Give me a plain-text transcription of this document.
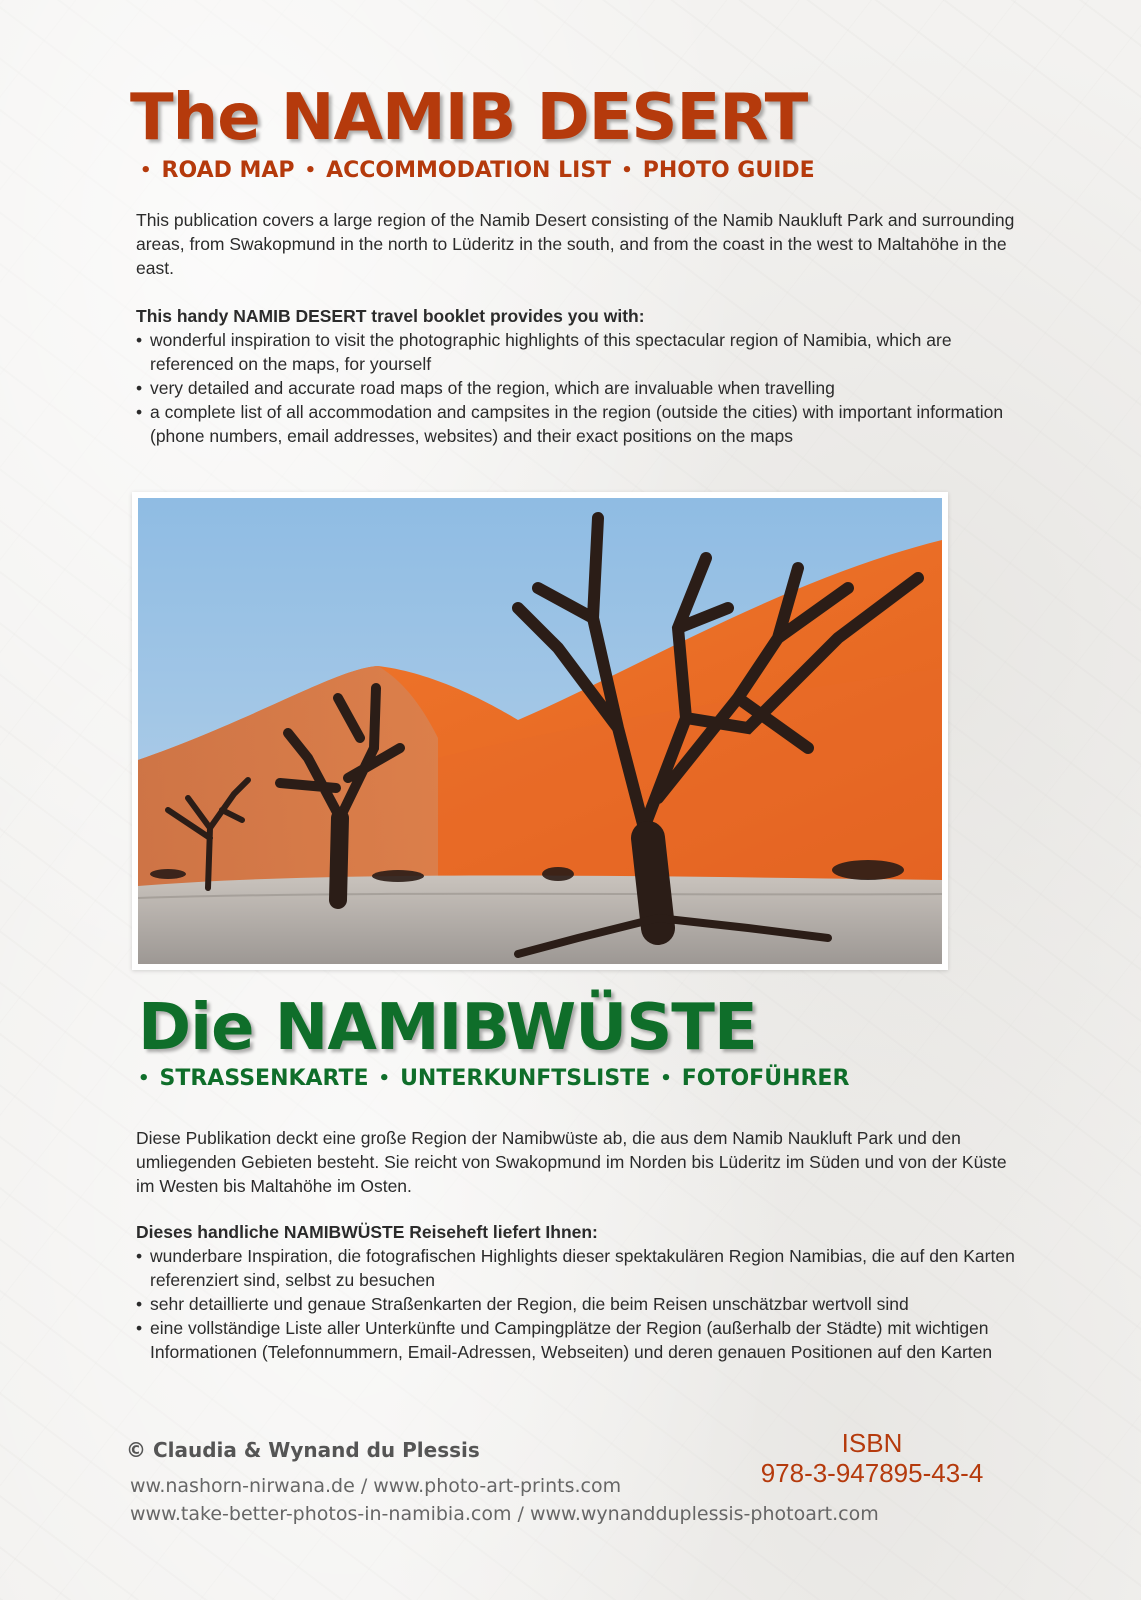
The NAMIB DESERT
• ROAD MAP • ACCOMMODATION LIST • PHOTO GUIDE

This publication covers a large region of the Namib Desert consisting of the Namib Naukluft Park and surrounding areas, from Swakopmund in the north to Lüderitz in the south, and from the coast in the west to Maltahöhe in the east.

This handy NAMIB DESERT travel booklet provides you with:

• wonderful inspiration to visit the photographic highlights of this spectacular region of Namibia, which are referenced on the maps, for yourself
• very detailed and accurate road maps of the region, which are invaluable when travelling
• a complete list of all accommodation and campsites in the region (outside the cities) with important information (phone numbers, email addresses, websites) and their exact positions on the maps
Die NAMIBWÜSTE
• STRASSENKARTE • UNTERKUNFTSLISTE • FOTOFÜHRER

Diese Publikation deckt eine große Region der Namibwüste ab, die aus dem Namib Naukluft Park und den umliegenden Gebieten besteht. Sie reicht von Swakopmund im Norden bis Lüderitz im Süden und von der Küste im Westen bis Maltahöhe im Osten.

Dieses handliche NAMIBWÜSTE Reiseheft liefert Ihnen:

• wunderbare Inspiration, die fotografischen Highlights dieser spektakulären Region Namibias, die auf den Karten referenziert sind, selbst zu besuchen
• sehr detaillierte und genaue Straßenkarten der Region, die beim Reisen unschätzbar wertvoll sind
• eine vollständige Liste aller Unterkünfte und Campingplätze der Region (außerhalb der Städte) mit wichtigen Informationen (Telefonnummern, Email-Adressen, Webseiten) und deren genauen Positionen auf den Karten

© Claudia & Wynand du Plessis

ww.nashorn-nirwana.de / www.photo-art-prints.com
www.take-better-photos-in-namibia.com / www.wynandduplessis-photoart.com
ISBN
978-3-947895-43-4
